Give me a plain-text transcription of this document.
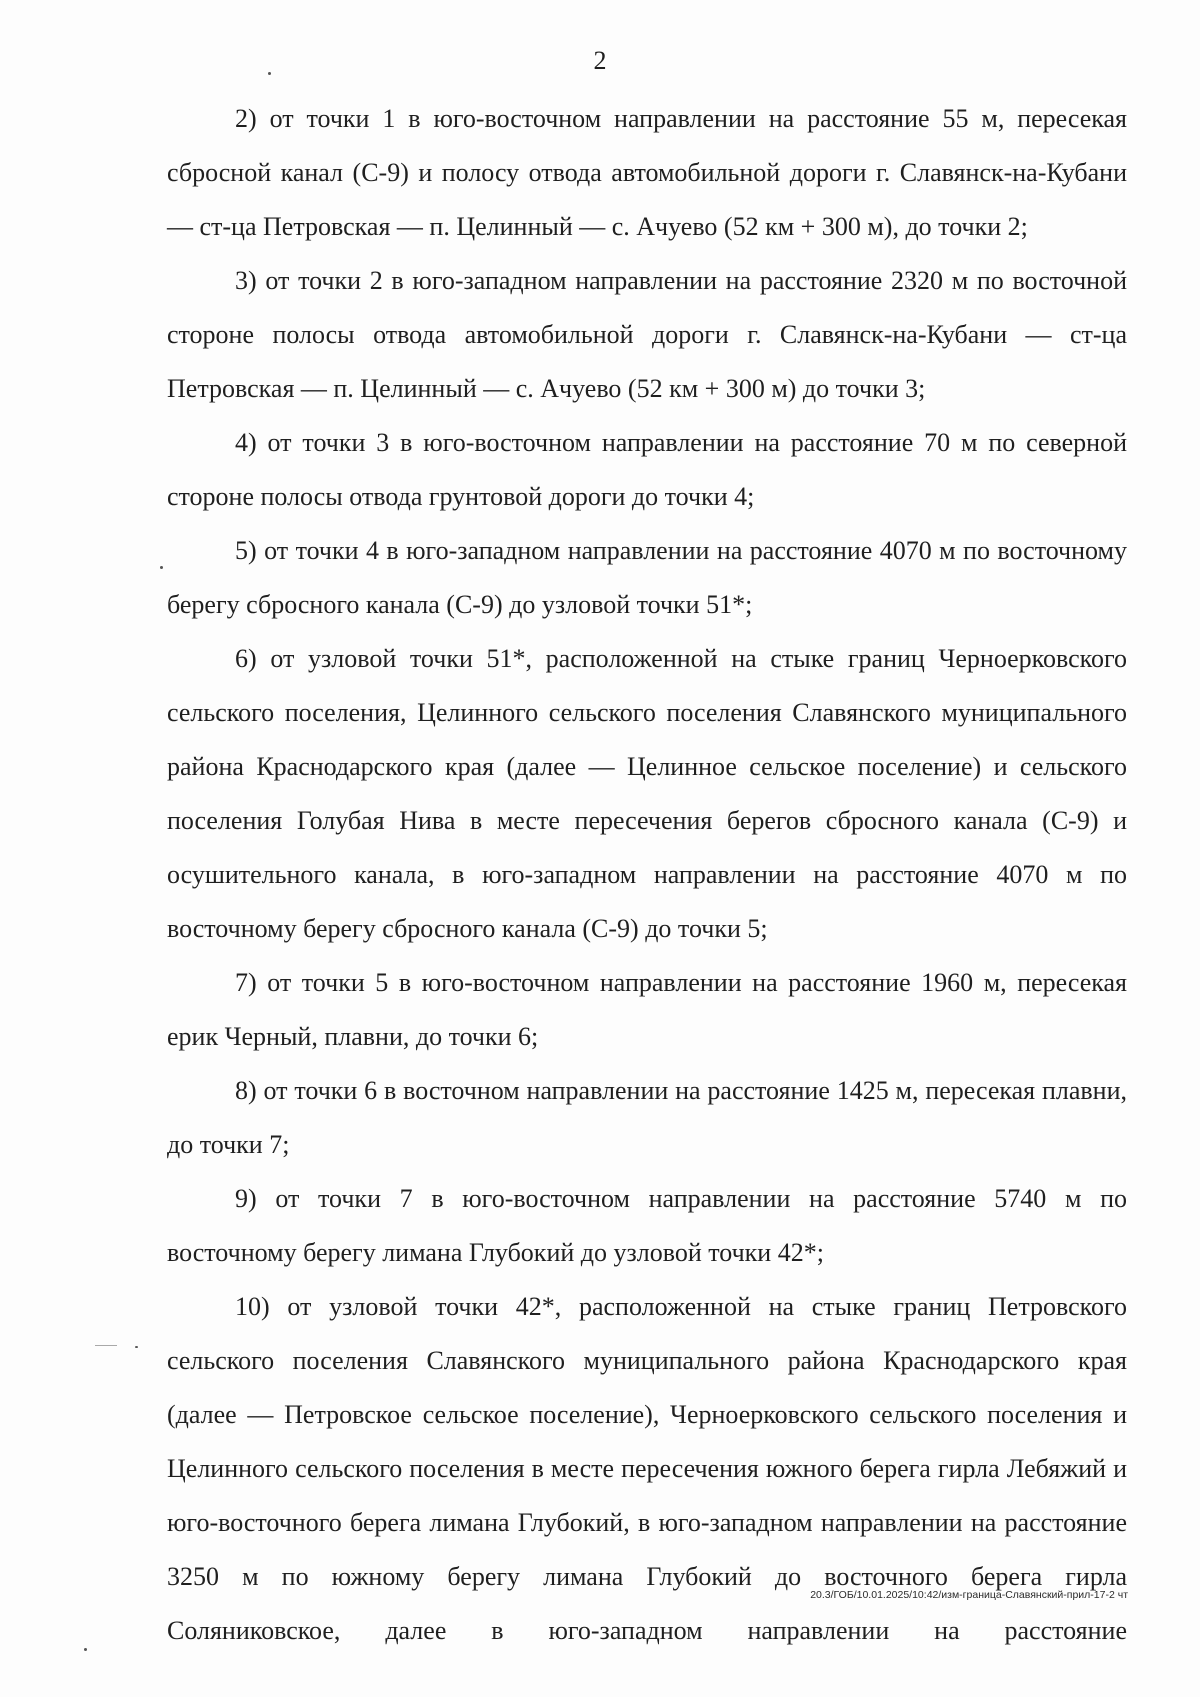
2

2) от точки 1 в юго-восточном направлении на расстояние 55 м, пересекая сбросной канал (С-9) и полосу отвода автомобильной дороги г. Славянск-на-Кубани — ст-ца Петровская — п. Целинный — с. Ачуево (52 км + 300 м), до точки 2;

3) от точки 2 в юго-западном направлении на расстояние 2320 м по восточной стороне полосы отвода автомобильной дороги г. Славянск-на-Кубани — ст-ца Петровская — п. Целинный — с. Ачуево (52 км + 300 м) до точки 3;

4) от точки 3 в юго-восточном направлении на расстояние 70 м по северной стороне полосы отвода грунтовой дороги до точки 4;

5) от точки 4 в юго-западном направлении на расстояние 4070 м по восточному берегу сбросного канала (С-9) до узловой точки 51*;

6) от узловой точки 51*, расположенной на стыке границ Черноерковского сельского поселения, Целинного сельского поселения Славянского муниципального района Краснодарского края (далее — Целинное сельское поселение) и сельского поселения Голубая Нива в месте пересечения берегов сбросного канала (С-9) и осушительного канала, в юго-западном направлении на расстояние 4070 м по восточному берегу сбросного канала (С-9) до точки 5;

7) от точки 5 в юго-восточном направлении на расстояние 1960 м, пересекая ерик Черный, плавни, до точки 6;

8) от точки 6 в восточном направлении на расстояние 1425 м, пересекая плавни, до точки 7;

9) от точки 7 в юго-восточном направлении на расстояние 5740 м по восточному берегу лимана Глубокий до узловой точки 42*;

10) от узловой точки 42*, расположенной на стыке границ Петровского сельского поселения Славянского муниципального района Краснодарского края (далее — Петровское сельское поселение), Черноерковского сельского поселения и Целинного сельского поселения в месте пересечения южного берега гирла Лебяжий и юго-восточного берега лимана Глубокий, в юго-западном направлении на расстояние 3250 м по южному берегу лимана Глубокий до восточного берега гирла Соляниковское, далее в юго-западном направлении на расстояние

20.3/ГОБ/10.01.2025/10:42/изм-граница-Славянский-прил-17-2 чт
